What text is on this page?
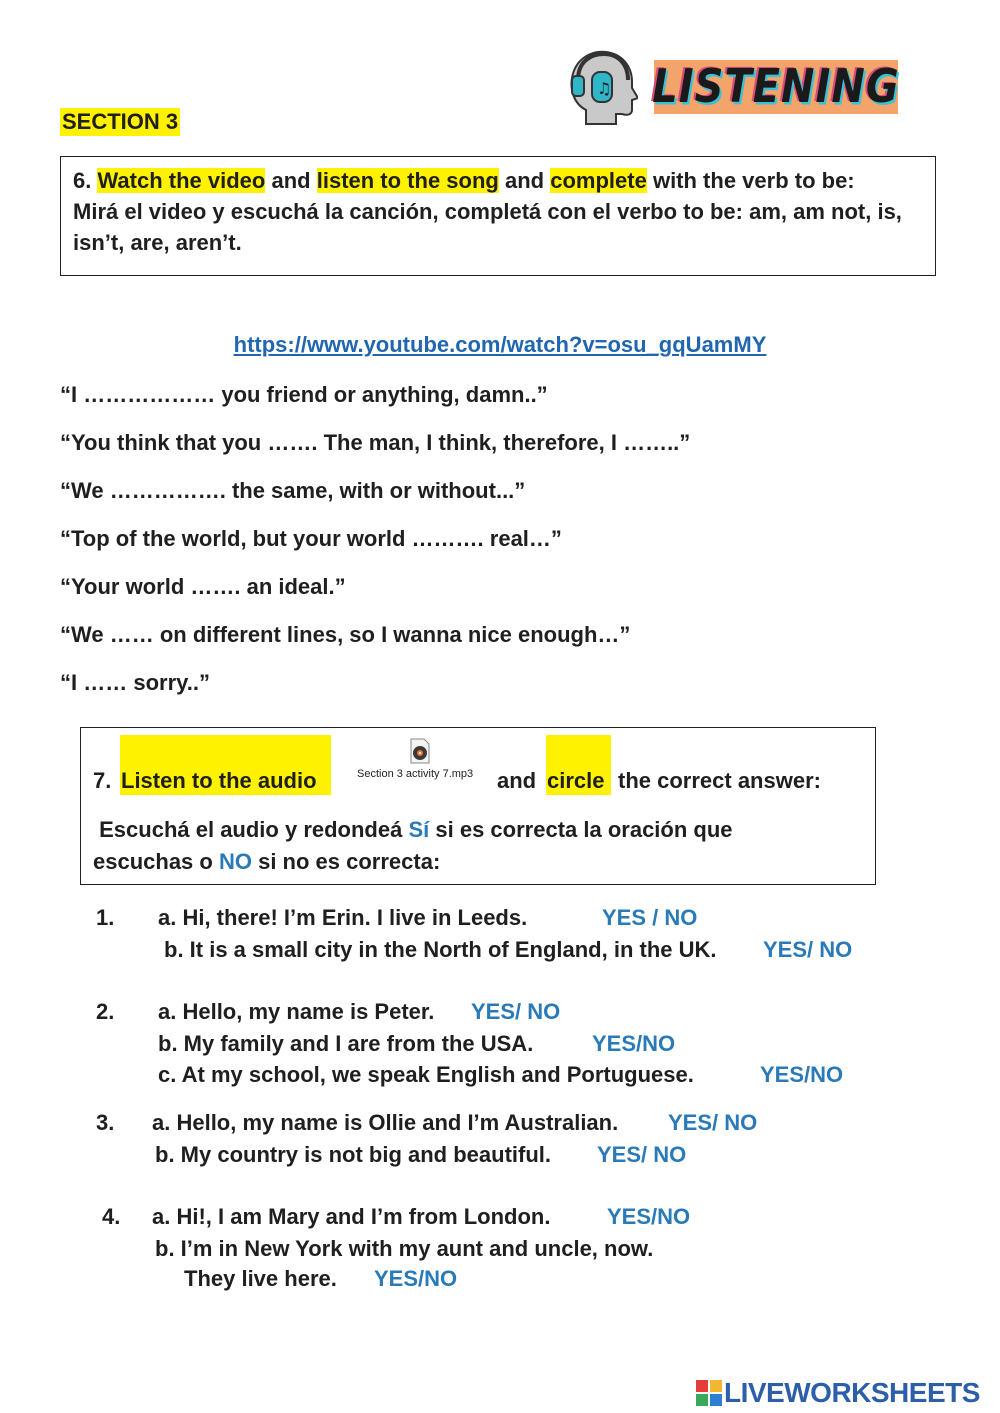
SECTION 3
♫ LISTENING
6. Watch the video and listen to the song and complete with the verb to be:
Mirá el video y escuchá la canción, completá con el verbo to be: am, am not, is, isn’t, are, aren’t.
https://www.youtube.com/watch?v=osu_gqUamMY
“I ……………… you friend or anything, damn..”
“You think that you ……. The man, I think, therefore, I ……..”
“We ……………. the same, with or without...”
“Top of the world, but your world ………. real…”
“Your world ……. an ideal.”
“We …… on different lines, so I wanna nice enough…”
“I …… sorry..”
7. Listen to the audio	Section 3 activity 7.mp3 and circle the correct answer:
Escuchá el audio y redondeá Sí si es correcta la oración que
escuchas o NO si no es correcta:
1. a. Hi, there! I’m Erin. I live in Leeds.	YES / NO
b. It is a small city in the North of England, in the UK. YES/ NO
2. a. Hello, my name is Peter. YES/ NO
b. My family and I are from the USA.	YES/NO
c. At my school, we speak English and Portuguese.	YES/NO
3. a. Hello, my name is Ollie and I’m Australian. YES/ NO
b. My country is not big and beautiful. YES/ NO
4. a. Hi!, I am Mary and I’m from London.	YES/NO
b. I’m in New York with my aunt and uncle, now.
They live here. YES/NO
LIVEWORKSHEETS
